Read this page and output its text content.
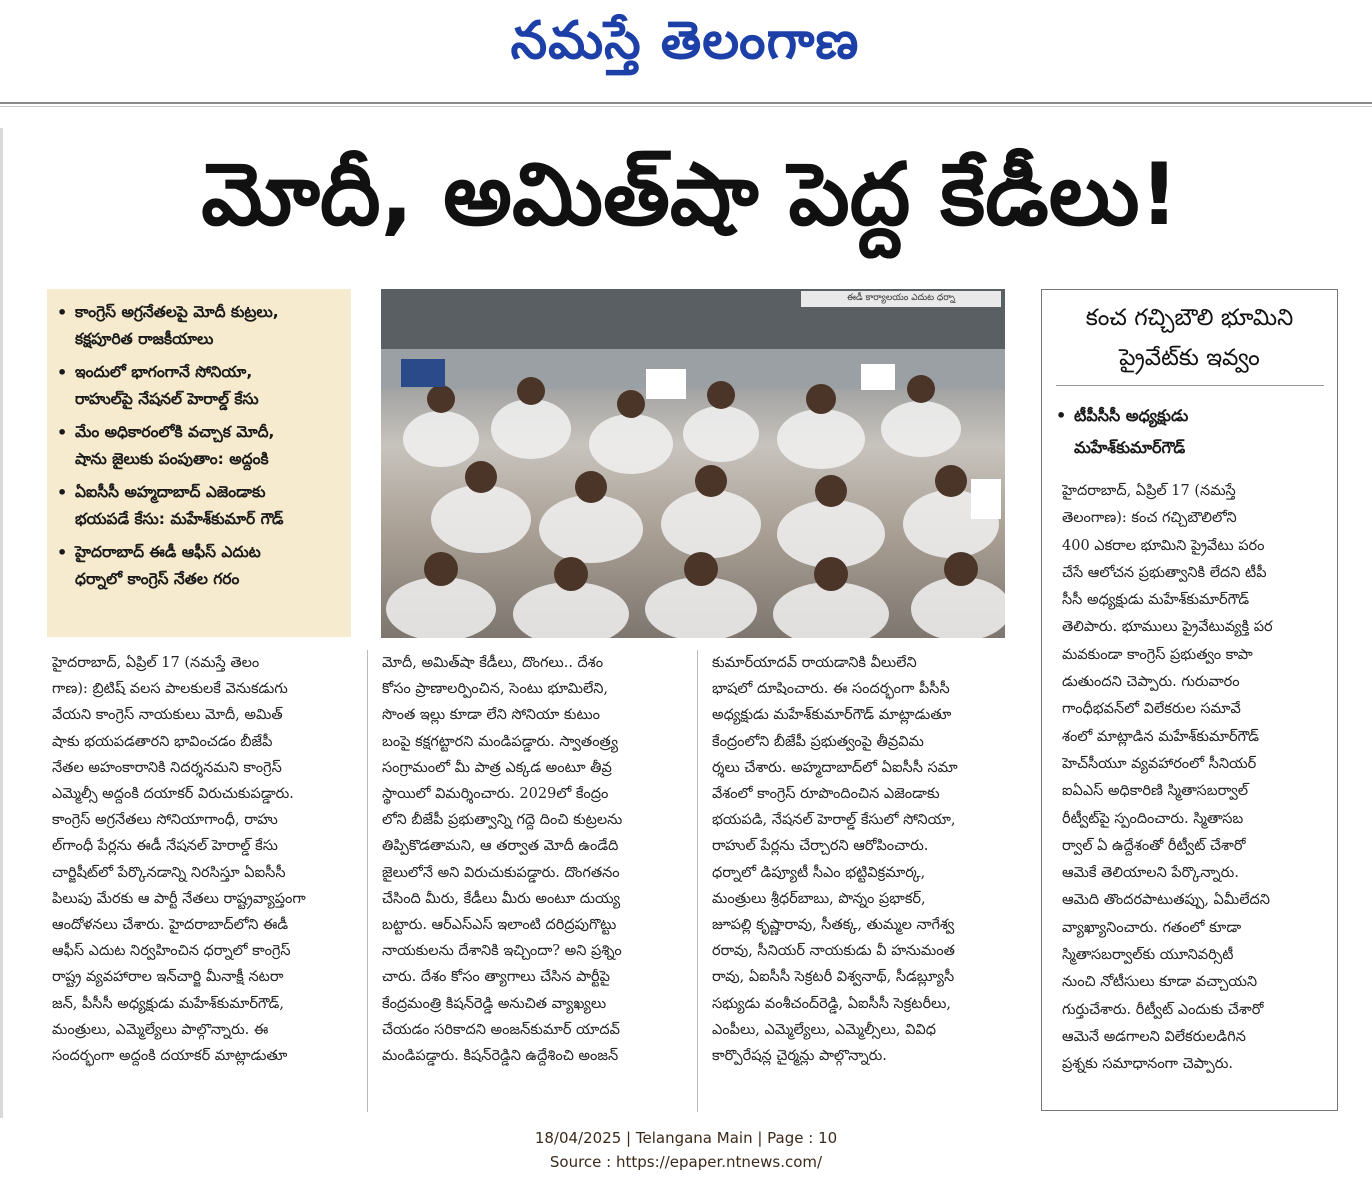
నమస్తే తెలంగాణ
మోదీ, అమిత్‌షా పెద్ద కేడీలు!
• కాంగ్రెస్ అగ్రనేతలపై మోదీ కుట్రలు,
కక్షపూరిత రాజకీయాలు
• ఇందులో భాగంగానే సోనియా,
రాహుల్‌పై నేషనల్ హెరాల్డ్ కేసు
• మేం అధికారంలోకి వచ్చాక మోదీ,
షాను జైలుకు పంపుతాం: అద్దంకి
• ఏఐసీసీ అహ్మదాబాద్ ఎజెండాకు
భయపడే కేసు: మహేశ్‌కుమార్ గౌడ్
• హైదరాబాద్ ఈడీ ఆఫీస్ ఎదుట
ధర్నాలో కాంగ్రెస్ నేతల గరం
ఈడీ కార్యాలయం ఎదుట ధర్నా
కంచ గచ్చిబౌలి భూమిని
ప్రైవేట్‌కు ఇవ్వం
• టీపీసీసీ అధ్యక్షుడు
మహేశ్‌కుమార్‌గౌడ్
హైదరాబాద్, ఏప్రిల్ 17 (నమస్తే
తెలంగాణ): కంచ గచ్చిబౌలిలోని
400 ఎకరాల భూమిని ప్రైవేటు పరం
చేసే ఆలోచన ప్రభుత్వానికి లేదని టీపీ
సీసీ అధ్యక్షుడు మహేశ్‌కుమార్‌గౌడ్
తెలిపారు. భూములు ప్రైవేటువ్యక్తి పర
మవకుండా కాంగ్రెస్ ప్రభుత్వం కాపా
డుతుందని చెప్పారు. గురువారం
గాంధీభవన్‌లో విలేకరుల సమావే
శంలో మాట్లాడిన మహేశ్‌కుమార్‌గౌడ్
హెచ్‌సీయూ వ్యవహారంలో సీనియర్
ఐఏఎస్ అధికారిణి స్మితాసబర్వాల్
రీట్వీట్‌పై స్పందించారు. స్మితాసబ
ర్వాల్ ఏ ఉద్దేశంతో రీట్వీట్ చేశారో
ఆమెకే తెలియాలని పేర్కొన్నారు.
ఆమెది తొందరపాటుతప్పు, ఏమీలేదని
వ్యాఖ్యానించారు. గతంలో కూడా
స్మితాసబర్వాల్‌కు యూనివర్సిటీ
నుంచి నోటీసులు కూడా వచ్చాయని
గుర్తుచేశారు. రీట్వీట్ ఎందుకు చేశారో
ఆమెనే అడగాలని విలేకరులడిగిన
ప్రశ్నకు సమాధానంగా చెప్పారు.
హైదరాబాద్, ఏప్రిల్ 17 (నమస్తే తెలం
గాణ): బ్రిటిష్ వలస పాలకులకే వెనుకడుగు
వేయని కాంగ్రెస్ నాయకులు మోదీ, అమిత్
షాకు భయపడతారని భావించడం బీజేపీ
నేతల అహంకారానికి నిదర్శనమని కాంగ్రెస్
ఎమ్మెల్సీ అద్దంకి దయాకర్ విరుచుకుపడ్డారు.
కాంగ్రెస్ అగ్రనేతలు సోనియాగాంధీ, రాహు
ల్‌గాంధీ పేర్లను ఈడీ నేషనల్ హెరాల్డ్ కేసు
చార్జిషీట్‌లో పేర్కొనడాన్ని నిరసిస్తూ ఏఐసీసీ
పిలుపు మేరకు ఆ పార్టీ నేతలు రాష్ట్రవ్యాప్తంగా
ఆందోళనలు చేశారు. హైదరాబాద్‌లోని ఈడీ
ఆఫీస్ ఎదుట నిర్వహించిన ధర్నాలో కాంగ్రెస్
రాష్ట్ర వ్యవహారాల ఇన్‌చార్జి మీనాక్షీ నటరా
జన్, పీసీసీ అధ్యక్షుడు మహేశ్‌కుమార్‌గౌడ్,
మంత్రులు, ఎమ్మెల్యేలు పాల్గొన్నారు. ఈ
సందర్భంగా అద్దంకి దయాకర్ మాట్లాడుతూ
మోదీ, అమిత్‌షా కేడీలు, దొంగలు.. దేశం
కోసం ప్రాణాలర్పించిన, సెంటు భూమిలేని,
సొంత ఇల్లు కూడా లేని సోనియా కుటుం
బంపై కక్షగట్టారని మండిపడ్డారు. స్వాతంత్ర్య
సంగ్రామంలో మీ పాత్ర ఎక్కడ అంటూ తీవ్ర
స్థాయిలో విమర్శించారు. 2029లో కేంద్రం
లోని బీజేపీ ప్రభుత్వాన్ని గద్దె దించి కుట్రలను
తిప్పికొడతామని, ఆ తర్వాత మోదీ ఉండేది
జైలులోనే అని విరుచుకుపడ్డారు. దొంగతనం
చేసింది మీరు, కేడీలు మీరు అంటూ దుయ్య
బట్టారు. ఆర్‌ఎస్‌ఎస్ ఇలాంటి దరిద్రపుగొట్టు
నాయకులను దేశానికి ఇచ్చిందా? అని ప్రశ్నిం
చారు. దేశం కోసం త్యాగాలు చేసిన పార్టీపై
కేంద్రమంత్రి కిషన్‌రెడ్డి అనుచిత వ్యాఖ్యలు
చేయడం సరికాదని అంజన్‌కుమార్ యాదవ్
మండిపడ్డారు. కిషన్‌రెడ్డిని ఉద్దేశించి అంజన్
కుమార్‌యాదవ్ రాయడానికి వీలులేని
భాషలో దూషించారు. ఈ సందర్భంగా పీసీసీ
అధ్యక్షుడు మహేశ్‌కుమార్‌గౌడ్ మాట్లాడుతూ
కేంద్రంలోని బీజేపీ ప్రభుత్వంపై తీవ్రవిమ
ర్శలు చేశారు. అహ్మదాబాద్‌లో ఏఐసీసీ సమా
వేశంలో కాంగ్రెస్ రూపొందించిన ఎజెండాకు
భయపడి, నేషనల్ హెరాల్డ్ కేసులో సోనియా,
రాహుల్ పేర్లను చేర్చారని ఆరోపించారు.
ధర్నాలో డిప్యూటీ సీఎం భట్టివిక్రమార్క,
మంత్రులు శ్రీధర్‌బాబు, పొన్నం ప్రభాకర్,
జూపల్లి కృష్ణారావు, సీతక్క, తుమ్మల నాగేశ్వ
రరావు, సీనియర్ నాయకుడు వీ హనుమంత
రావు, ఏఐసీసీ సెక్రటరీ విశ్వనాథ్, సీడబ్ల్యూసీ
సభ్యుడు వంశీచంద్‌రెడ్డి, ఏఐసీసీ సెక్రటరీలు,
ఎంపీలు, ఎమ్మెల్యేలు, ఎమ్మెల్సీలు, వివిధ
కార్పొరేషన్ల చైర్మన్లు పాల్గొన్నారు.
18/04/2025 | Telangana Main | Page : 10
Source : https://epaper.ntnews.com/
